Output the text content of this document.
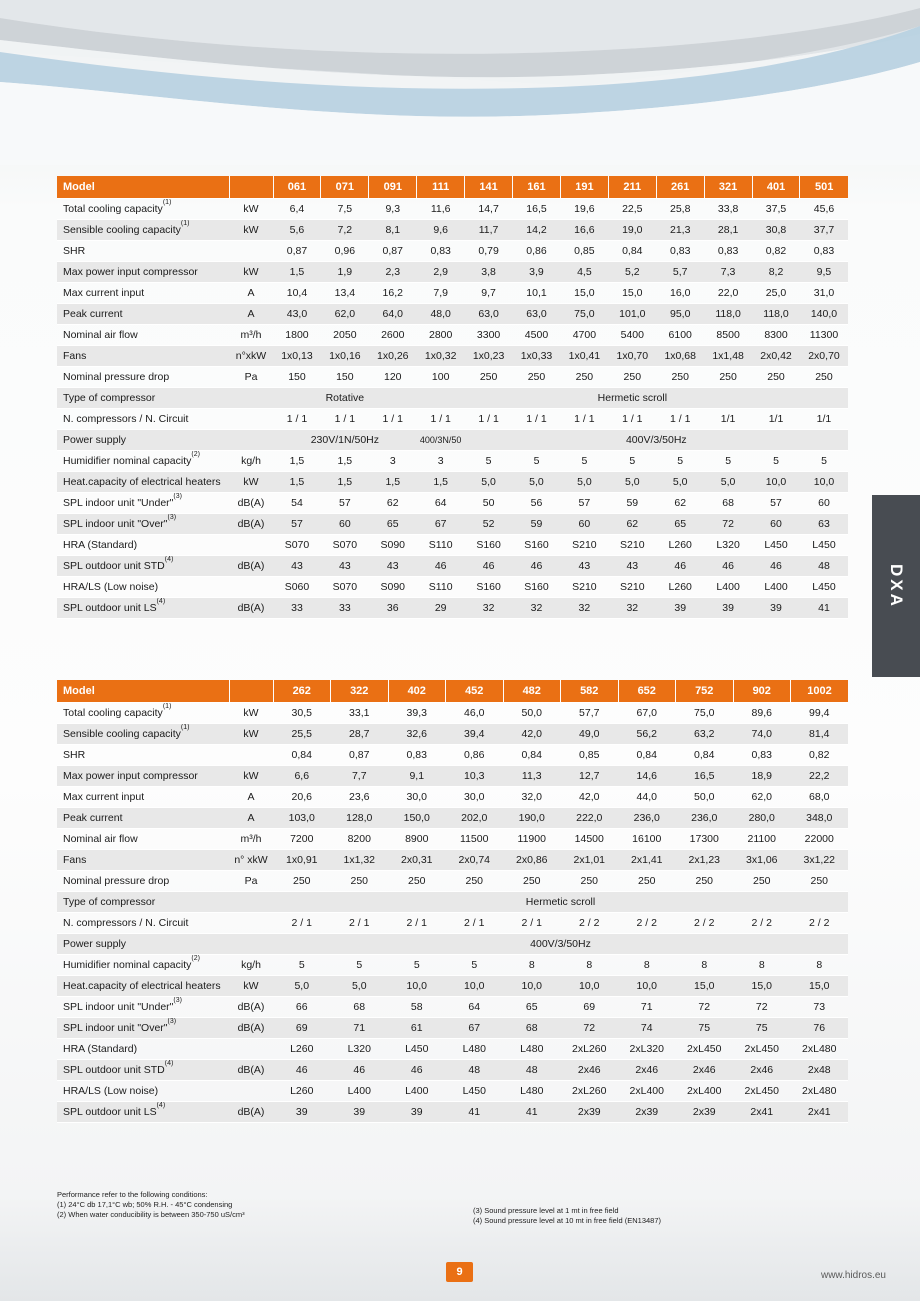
Model		061	071	091	111	141	161	191	211	261	321	401	501
Total cooling capacity$^{(1)}$	kW	6,4	7,5	9,3	11,6	14,7	16,5	19,6	22,5	25,8	33,8	37,5	45,6
Sensible cooling capacity$^{(1)}$	kW	5,6	7,2	8,1	9,6	11,7	14,2	16,6	19,0	21,3	28,1	30,8	37,7
SHR		0,87	0,96	0,87	0,83	0,79	0,86	0,85	0,84	0,83	0,83	0,82	0,83
Max power input compressor	kW	1,5	1,9	2,3	2,9	3,8	3,9	4,5	5,2	5,7	7,3	8,2	9,5
Max current input	A	10,4	13,4	16,2	7,9	9,7	10,1	15,0	15,0	16,0	22,0	25,0	31,0
Peak current	A	43,0	62,0	64,0	48,0	63,0	63,0	75,0	101,0	95,0	118,0	118,0	140,0
Nominal air flow	m³/h	1800	2050	2600	2800	3300	4500	4700	5400	6100	8500	8300	11300
Fans	n°xkW	1x0,13	1x0,16	1x0,26	1x0,32	1x0,23	1x0,33	1x0,41	1x0,70	1x0,68	1x1,48	2x0,42	2x0,70
Nominal pressure drop	Pa	150	150	120	100	250	250	250	250	250	250	250	250
Type of compressor		Rotative			Hermetic scroll								
N. compressors / N. Circuit		1 / 1	1 / 1	1 / 1	1 / 1	1 / 1	1 / 1	1 / 1	1 / 1	1 / 1	1/1	1/1	1/1
Power supply		230V/1N/50Hz			400/3N/50	400V/3/50Hz							
Humidifier nominal capacity$^{(2)}$	kg/h	1,5	1,5	3	3	5	5	5	5	5	5	5	5
Heat.capacity of electrical heaters	kW	1,5	1,5	1,5	1,5	5,0	5,0	5,0	5,0	5,0	5,0	10,0	10,0
SPL indoor unit "Under"$^{(3)}$	dB(A)	54	57	62	64	50	56	57	59	62	68	57	60
SPL indoor unit "Over"$^{(3)}$	dB(A)	57	60	65	67	52	59	60	62	65	72	60	63
HRA (Standard)		S070	S070	S090	S110	S160	S160	S210	S210	L260	L320	L450	L450
SPL outdoor unit STD$^{(4)}$	dB(A)	43	43	43	46	46	46	43	43	46	46	46	48
HRA/LS (Low noise)		S060	S070	S090	S110	S160	S160	S210	S210	L260	L400	L400	L450
SPL outdoor unit LS$^{(4)}$	dB(A)	33	33	36	29	32	32	32	32	39	39	39	41
Model		262	322	402	452	482	582	652	752	902	1002
Total cooling capacity$^{(1)}$	kW	30,5	33,1	39,3	46,0	50,0	57,7	67,0	75,0	89,6	99,4
Sensible cooling capacity$^{(1)}$	kW	25,5	28,7	32,6	39,4	42,0	49,0	56,2	63,2	74,0	81,4
SHR		0,84	0,87	0,83	0,86	0,84	0,85	0,84	0,84	0,83	0,82
Max power input compressor	kW	6,6	7,7	9,1	10,3	11,3	12,7	14,6	16,5	18,9	22,2
Max current input	A	20,6	23,6	30,0	30,0	32,0	42,0	44,0	50,0	62,0	68,0
Peak current	A	103,0	128,0	150,0	202,0	190,0	222,0	236,0	236,0	280,0	348,0
Nominal air flow	m³/h	7200	8200	8900	11500	11900	14500	16100	17300	21100	22000
Fans	n° xkW	1x0,91	1x1,32	2x0,31	2x0,74	2x0,86	2x1,01	2x1,41	2x1,23	3x1,06	3x1,22
Nominal pressure drop	Pa	250	250	250	250	250	250	250	250	250	250
Type of compressor		Hermetic scroll									
N. compressors / N. Circuit		2 / 1	2 / 1	2 / 1	2 / 1	2 / 1	2 / 2	2 / 2	2 / 2	2 / 2	2 / 2
Power supply		400V/3/50Hz									
Humidifier nominal capacity$^{(2)}$	kg/h	5	5	5	5	8	8	8	8	8	8
Heat.capacity of electrical heaters	kW	5,0	5,0	10,0	10,0	10,0	10,0	10,0	15,0	15,0	15,0
SPL indoor unit "Under"$^{(3)}$	dB(A)	66	68	58	64	65	69	71	72	72	73
SPL indoor unit "Over"$^{(3)}$	dB(A)	69	71	61	67	68	72	74	75	75	76
HRA (Standard)		L260	L320	L450	L480	L480	2xL260	2xL320	2xL450	2xL450	2xL480
SPL outdoor unit STD$^{(4)}$	dB(A)	46	46	46	48	48	2x46	2x46	2x46	2x46	2x48
HRA/LS (Low noise)		L260	L400	L400	L450	L480	2xL260	2xL400	2xL400	2xL450	2xL480
SPL outdoor unit LS$^{(4)}$	dB(A)	39	39	39	41	41	2x39	2x39	2x39	2x41	2x41
DXA
Performance refer to the following conditions:
(1) 24°C db 17,1°C wb; 50% R.H. - 45°C condensing
(2) When water conducibility is between 350-750 uS/cm³	(3) Sound pressure level at 1 mt in free field
(4) Sound pressure level at 10 mt in free field (EN13487)
9	www.hidros.eu
